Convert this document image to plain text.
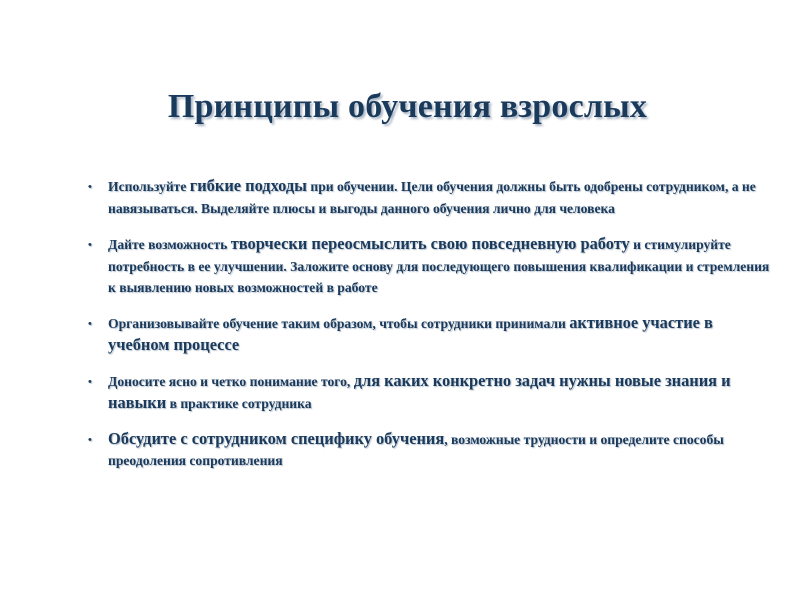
Принципы обучения взрослых
• Используйте гибкие подходы при обучении. Цели обучения должны быть одобрены сотрудником, а не навязываться. Выделяйте плюсы и выгоды данного обучения лично для человека
• Дайте возможность творчески переосмыслить свою повседневную работу и стимулируйте потребность в ее улучшении. Заложите основу для последующего повышения квалификации и стремления к выявлению новых возможностей в работе
• Организовывайте обучение таким образом, чтобы сотрудники принимали активное участие в учебном процессе
• Доносите ясно и четко понимание того, для каких конкретно задач нужны новые знания и навыки в практике сотрудника
• Обсудите с сотрудником специфику обучения, возможные трудности и определите способы преодоления сопротивления
